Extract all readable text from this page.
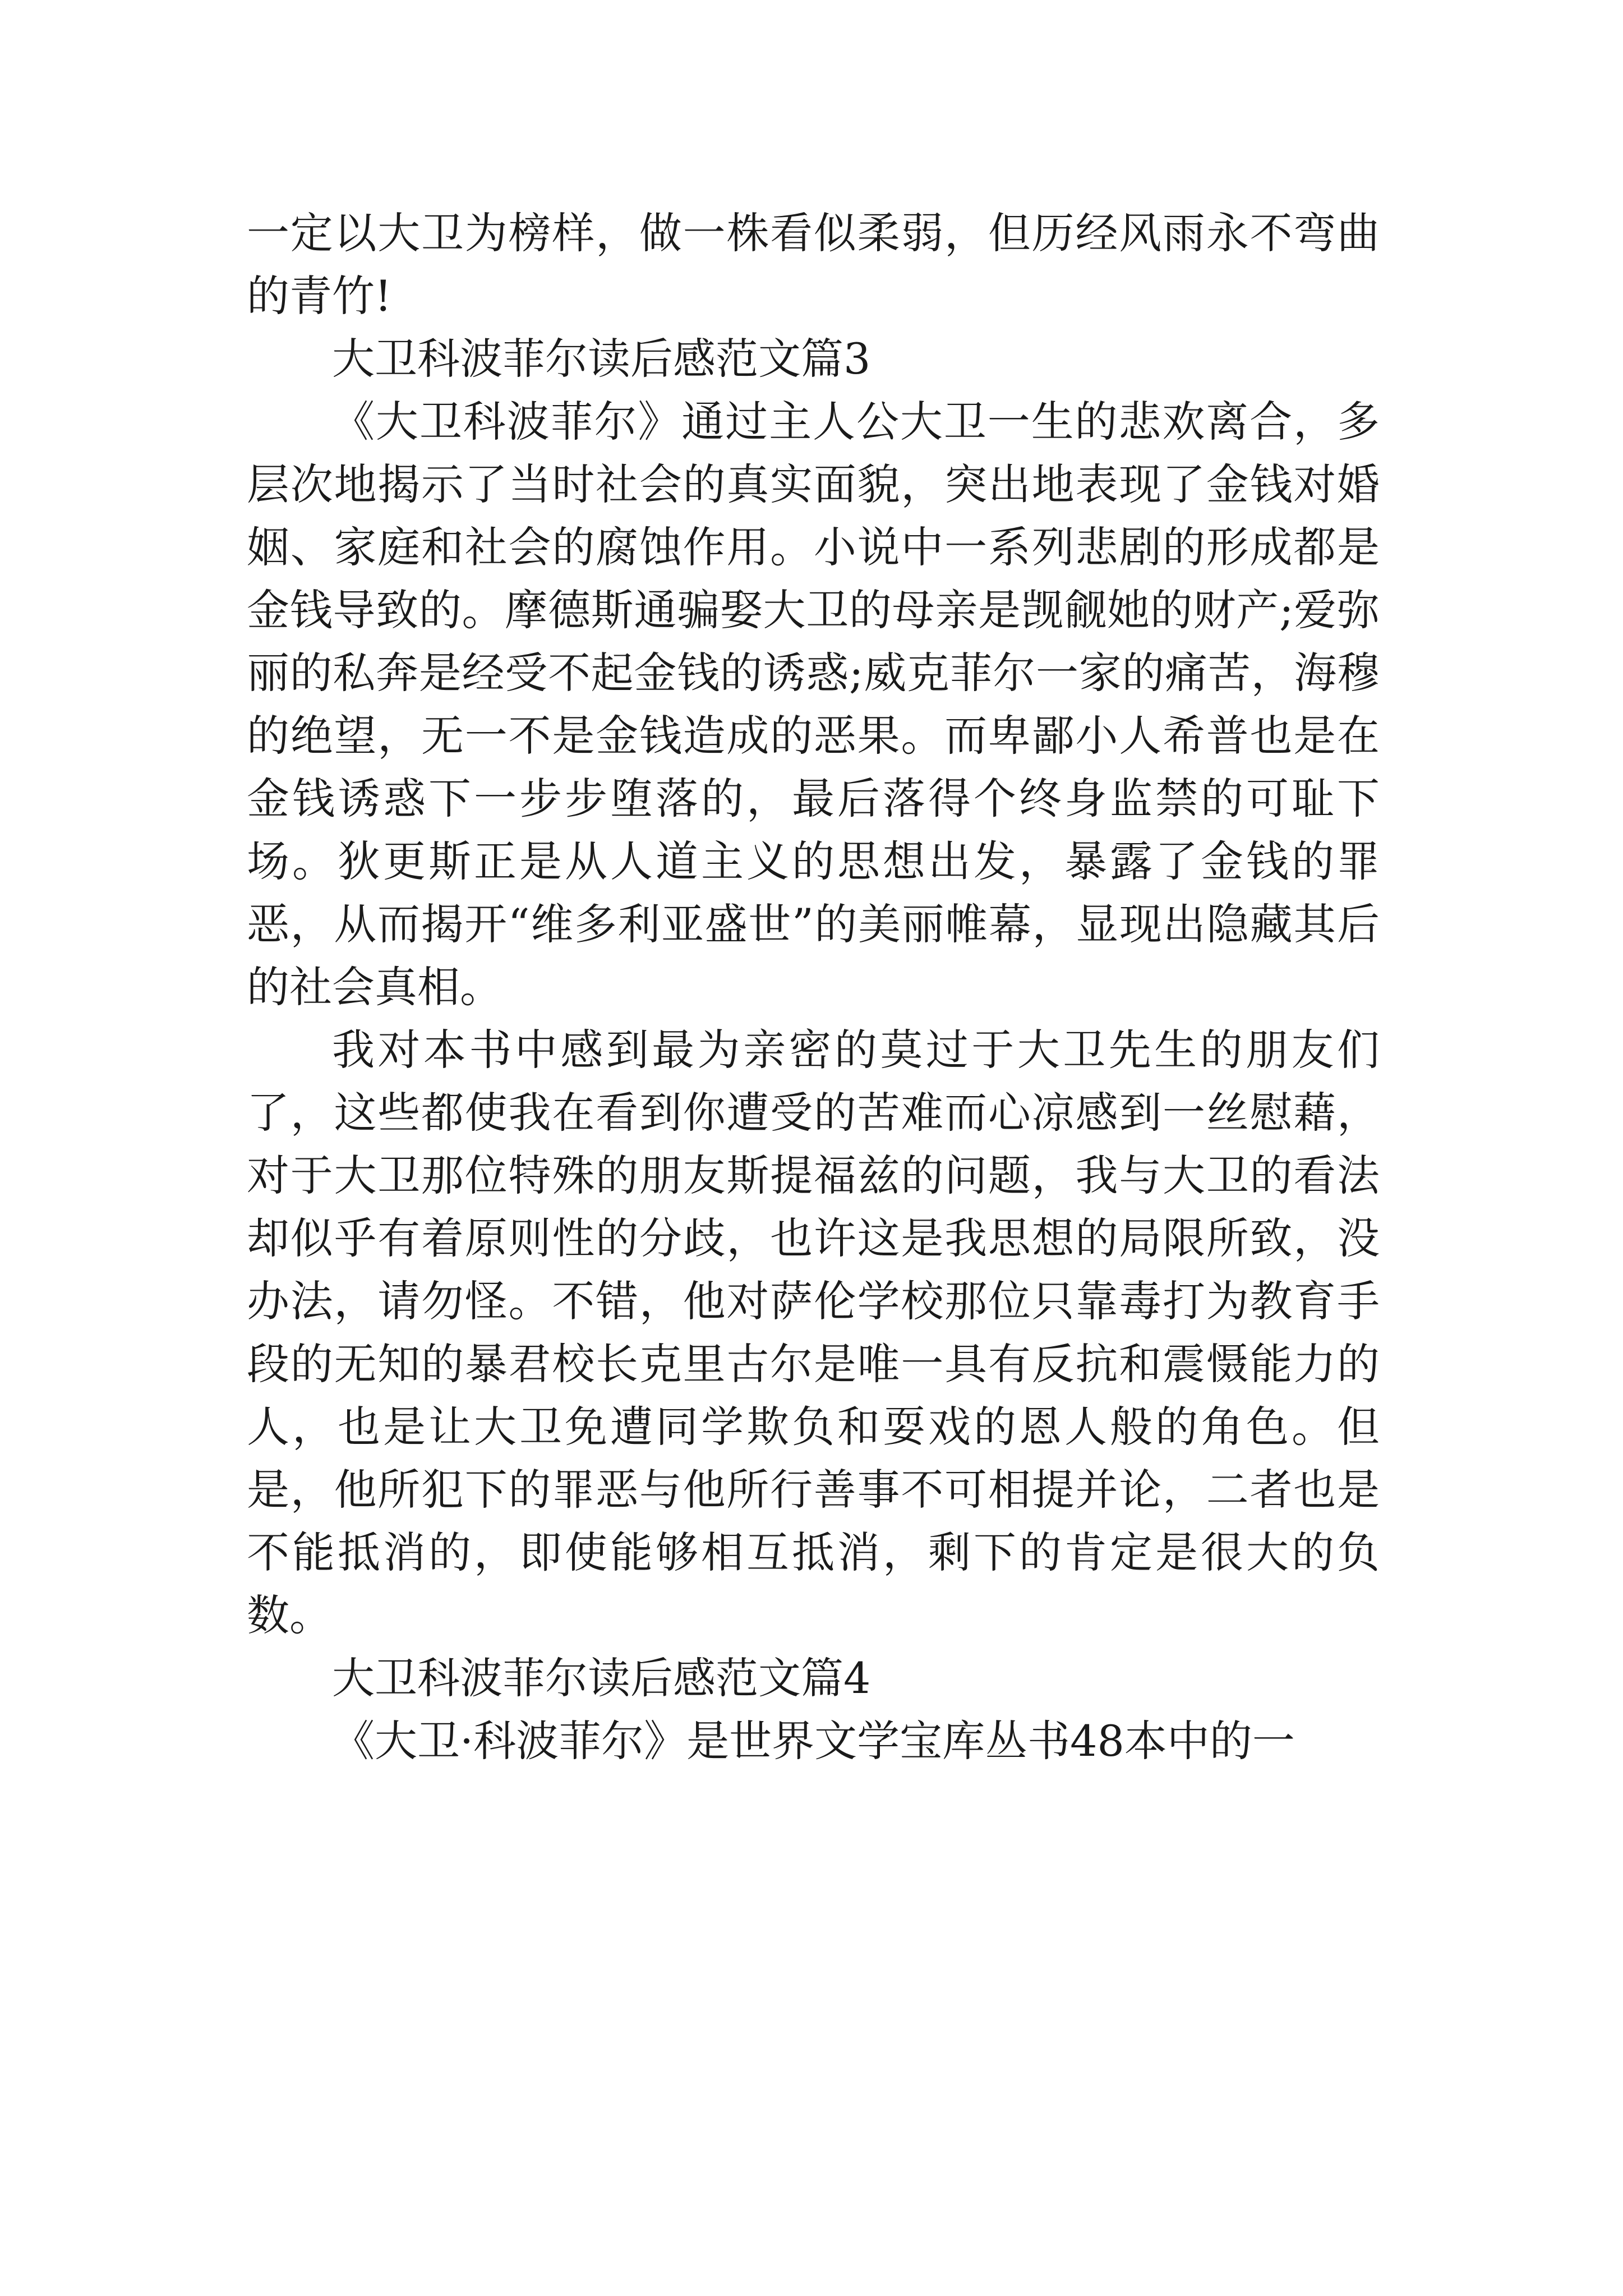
一定以大卫为榜样，做一株看似柔弱，但历经风雨永不弯曲的青竹!

大卫科波菲尔读后感范文篇3

《大卫科波菲尔》通过主人公大卫一生的悲欢离合，多层次地揭示了当时社会的真实面貌，突出地表现了金钱对婚姻、家庭和社会的腐蚀作用。小说中一系列悲剧的形成都是金钱导致的。摩德斯通骗娶大卫的母亲是觊觎她的财产;爱弥丽的私奔是经受不起金钱的诱惑;威克菲尔一家的痛苦，海穆的绝望，无一不是金钱造成的恶果。而卑鄙小人希普也是在金钱诱惑下一步步堕落的，最后落得个终身监禁的可耻下场。狄更斯正是从人道主义的思想出发，暴露了金钱的罪恶，从而揭开“维多利亚盛世”的美丽帷幕，显现出隐藏其后的社会真相。

我对本书中感到最为亲密的莫过于大卫先生的朋友们了，这些都使我在看到你遭受的苦难而心凉感到一丝慰藉，对于大卫那位特殊的朋友斯提福兹的问题，我与大卫的看法却似乎有着原则性的分歧，也许这是我思想的局限所致，没办法，请勿怪。不错，他对萨伦学校那位只靠毒打为教育手段的无知的暴君校长克里古尔是唯一具有反抗和震慑能力的人，也是让大卫免遭同学欺负和耍戏的恩人般的角色。但是，他所犯下的罪恶与他所行善事不可相提并论，二者也是不能抵消的，即使能够相互抵消，剩下的肯定是很大的负数。

大卫科波菲尔读后感范文篇4

《大卫·科波菲尔》是世界文学宝库丛书48本中的一
